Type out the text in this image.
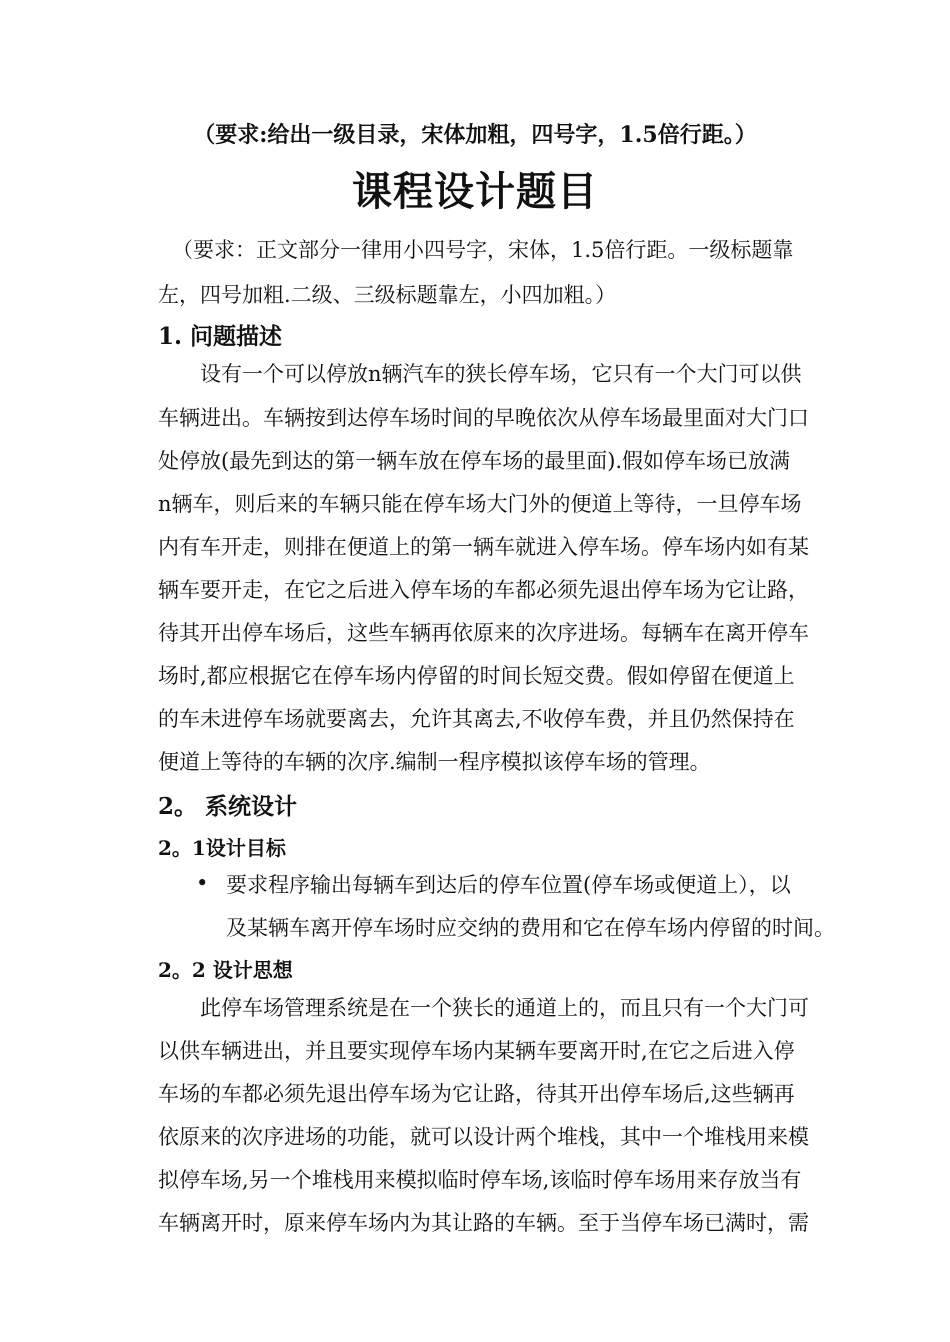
（要求:给出一级目录，宋体加粗，四号字，1.5倍行距。）
课程设计题目
（要求：正文部分一律用小四号字，宋体，1.5倍行距。一级标题靠
左，四号加粗.二级、三级标题靠左，小四加粗。）
1. 问题描述
设有一个可以停放n辆汽车的狭长停车场，它只有一个大门可以供
车辆进出。车辆按到达停车场时间的早晚依次从停车场最里面对大门口
处停放(最先到达的第一辆车放在停车场的最里面).假如停车场已放满
n辆车，则后来的车辆只能在停车场大门外的便道上等待，一旦停车场
内有车开走，则排在便道上的第一辆车就进入停车场。停车场内如有某
辆车要开走，在它之后进入停车场的车都必须先退出停车场为它让路，
待其开出停车场后，这些车辆再依原来的次序进场。每辆车在离开停车
场时,都应根据它在停车场内停留的时间长短交费。假如停留在便道上
的车未进停车场就要离去，允许其离去,不收停车费，并且仍然保持在
便道上等待的车辆的次序.编制一程序模拟该停车场的管理。
2。 系统设计
2。1设计目标
• 要求程序输出每辆车到达后的停车位置(停车场或便道上），以
及某辆车离开停车场时应交纳的费用和它在停车场内停留的时间。
2。2 设计思想
此停车场管理系统是在一个狭长的通道上的，而且只有一个大门可
以供车辆进出，并且要实现停车场内某辆车要离开时,在它之后进入停
车场的车都必须先退出停车场为它让路，待其开出停车场后,这些辆再
依原来的次序进场的功能，就可以设计两个堆栈，其中一个堆栈用来模
拟停车场,另一个堆栈用来模拟临时停车场,该临时停车场用来存放当有
车辆离开时，原来停车场内为其让路的车辆。至于当停车场已满时，需
